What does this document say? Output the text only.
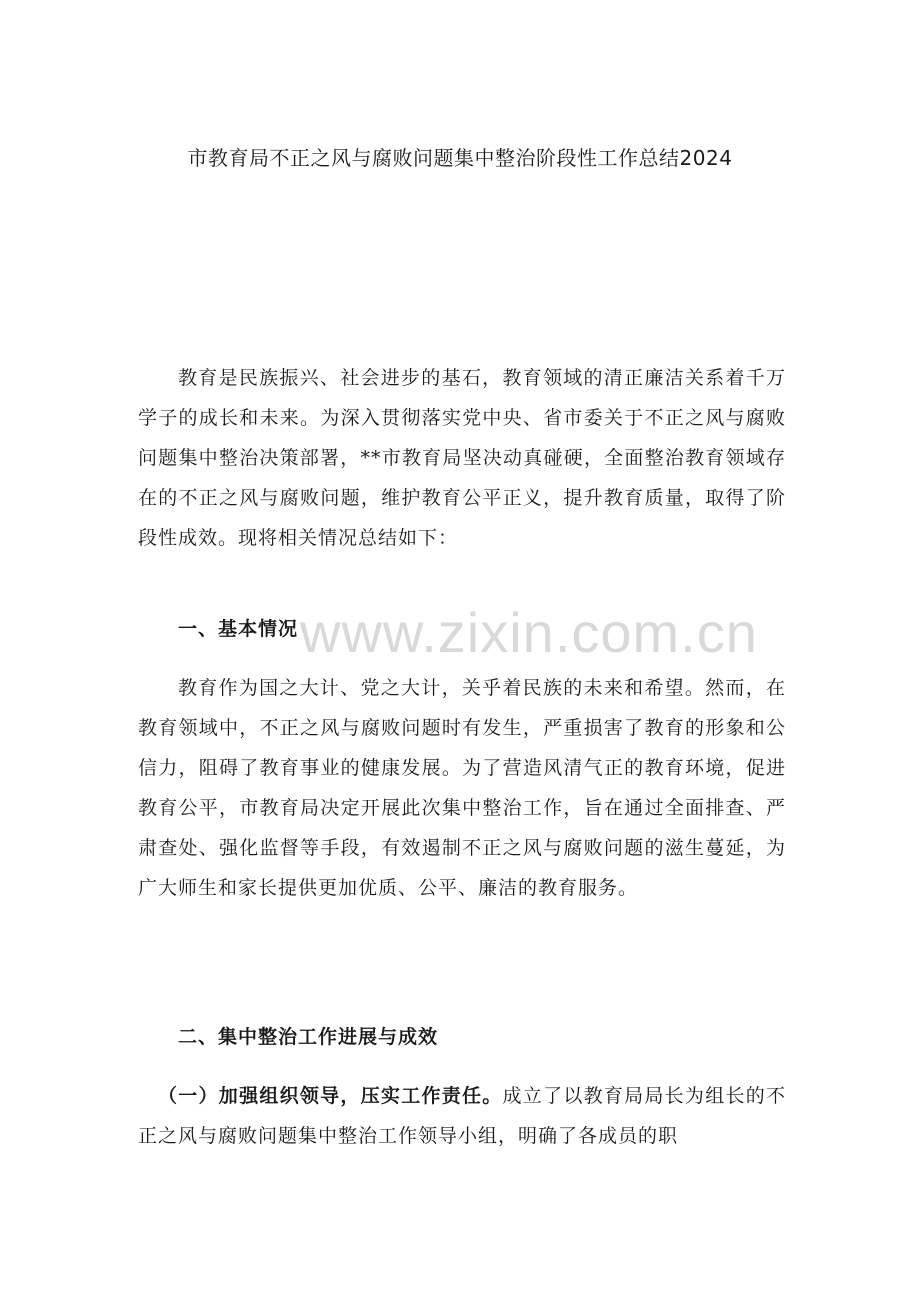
市教育局不正之风与腐败问题集中整治阶段性工作总结2024

教育是民族振兴、社会进步的基石，教育领域的清正廉洁关系着千万学子的成长和未来。为深入贯彻落实党中央、省市委关于不正之风与腐败问题集中整治决策部署，**市教育局坚决动真碰硬，全面整治教育领域存在的不正之风与腐败问题，维护教育公平正义，提升教育质量，取得了阶段性成效。现将相关情况总结如下：

一、基本情况

教育作为国之大计、党之大计，关乎着民族的未来和希望。然而，在教育领域中，不正之风与腐败问题时有发生，严重损害了教育的形象和公信力，阻碍了教育事业的健康发展。为了营造风清气正的教育环境，促进教育公平，市教育局决定开展此次集中整治工作，旨在通过全面排查、严肃查处、强化监督等手段，有效遏制不正之风与腐败问题的滋生蔓延，为广大师生和家长提供更加优质、公平、廉洁的教育服务。

二、集中整治工作进展与成效

（一）加强组织领导，压实工作责任。成立了以教育局局长为组长的不正之风与腐败问题集中整治工作领导小组，明确了各成员的职

www.zixin.com.cn
